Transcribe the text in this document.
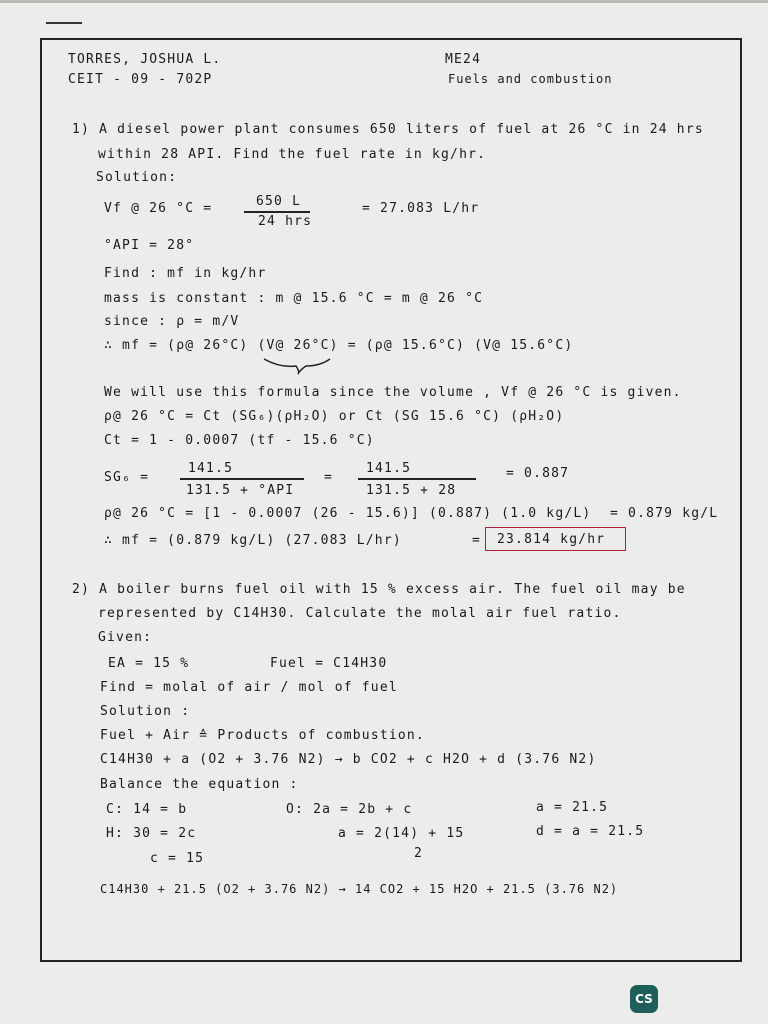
TORRES, JOSHUA L.
CEIT - 09 - 702P
ME24
Fuels and combustion
1) A diesel power plant consumes 650 liters of fuel at 26 °C in 24 hrs
within 28 API. Find the fuel rate in kg/hr.
Solution:
Vf @ 26 °C =	650 L
24 hrs
= 27.083 L/hr
°API = 28°
Find : mf in kg/hr
mass is constant : m @ 15.6 °C = m @ 26 °C
since : ρ = m/V
∴ mf = (ρ@ 26°C) (V@ 26°C) = (ρ@ 15.6°C) (V@ 15.6°C)
We will use this formula since the volume , Vf @ 26 °C is given.
ρ@ 26 °C = Ct (SG₆)(ρH₂O) or Ct (SG 15.6 °C) (ρH₂O)
Ct = 1 - 0.0007 (tf - 15.6 °C)
SG₆ =
141.5
131.5 + °API
=
141.5
131.5 + 28
= 0.887
ρ@ 26 °C = [1 - 0.0007 (26 - 15.6)] (0.887) (1.0 kg/L) = 0.879 kg/L
∴ mf = (0.879 kg/L) (27.083 L/hr)	= 23.814 kg/hr
2) A boiler burns fuel oil with 15 % excess air. The fuel oil may be
represented by C14H30. Calculate the molal air fuel ratio.
Given:
EA = 15 %	Fuel = C14H30
Find = molal of air / mol of fuel
Solution :
Fuel + Air ≙ Products of combustion.
C14H30 + a (O2 + 3.76 N2) → b CO2 + c H2O + d (3.76 N2)
Balance the equation :
C: 14 = b	O: 2a = 2b + c	a = 21.5
H: 30 = 2c	a = 2(14) + 15
2
d = a = 21.5
c = 15
C14H30 + 21.5 (O2 + 3.76 N2) → 14 CO2 + 15 H2O + 21.5 (3.76 N2)
CS
